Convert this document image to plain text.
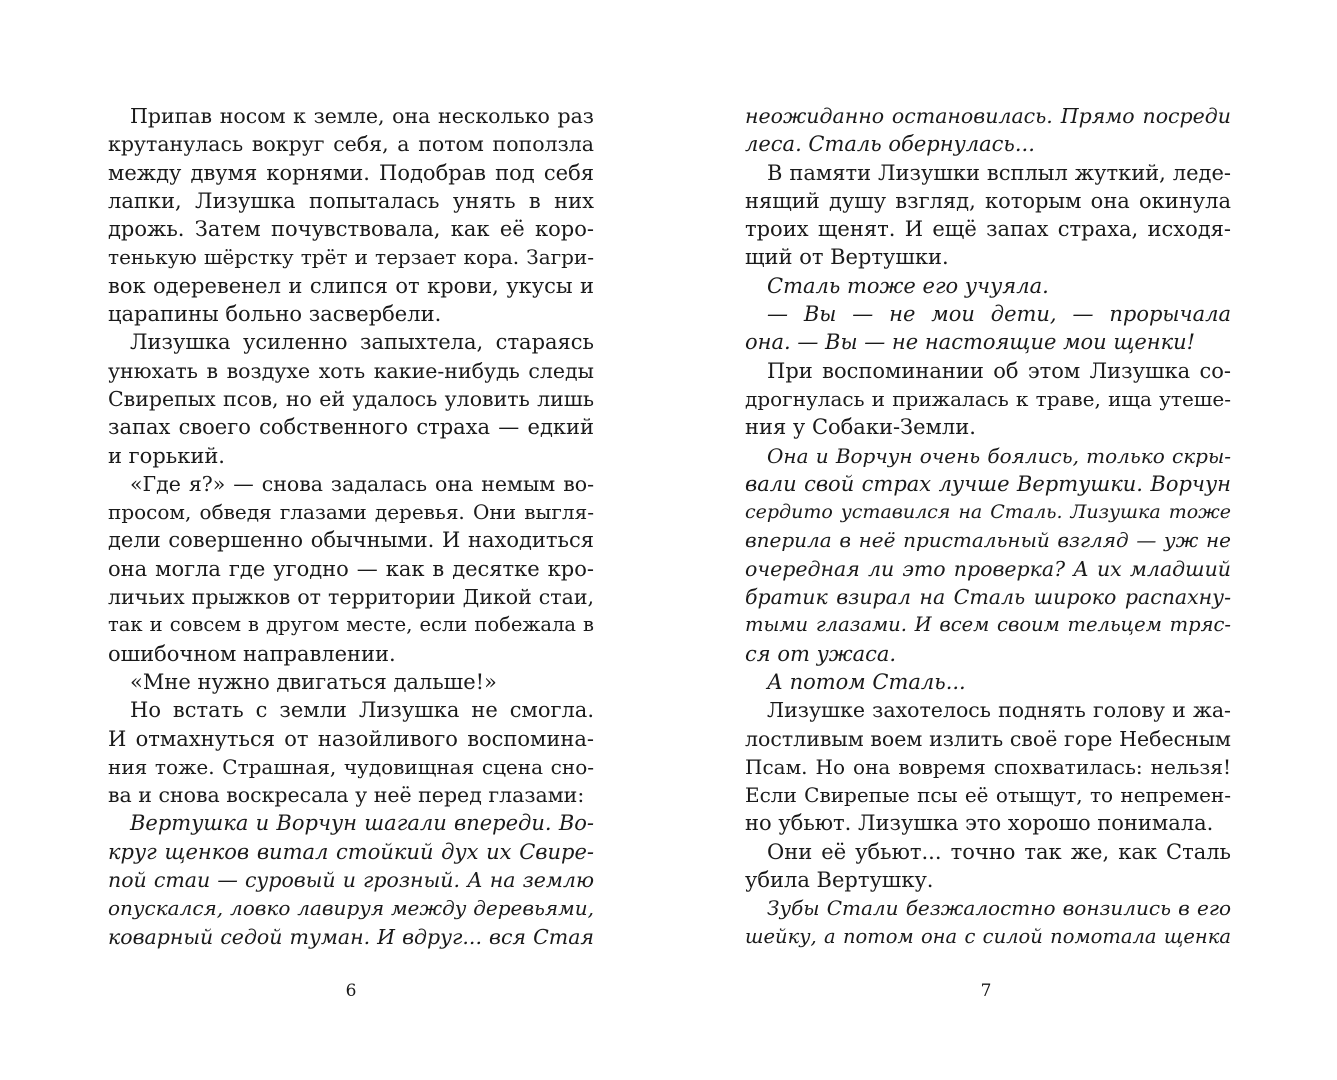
Припав носом к земле, она несколько раз
крутанулась вокруг себя, а потом поползла
между двумя корнями. Подобрав под себя
лапки, Лизушка попыталась унять в них
дрожь. Затем почувствовала, как её коро-
тенькую шёрстку трёт и терзает кора. Загри-
вок одеревенел и слипся от крови, укусы и
царапины больно засвербели.
Лизушка усиленно запыхтела, стараясь
унюхать в воздухе хоть какие-нибудь следы
Свирепых псов, но ей удалось уловить лишь
запах своего собственного страха — едкий
и горький.
«Где я?» — снова задалась она немым во-
просом, обведя глазами деревья. Они выгля-
дели совершенно обычными. И находиться
она могла где угодно — как в десятке кро-
личьих прыжков от территории Дикой стаи,
так и совсем в другом месте, если побежала в
ошибочном направлении.
«Мне нужно двигаться дальше!»
Но встать с земли Лизушка не смогла.
И отмахнуться от назойливого воспомина-
ния тоже. Страшная, чудовищная сцена сно-
ва и снова воскресала у неё перед глазами:
Вертушка и Ворчун шагали впереди. Во-
круг щенков витал стойкий дух их Свире-
пой стаи — суровый и грозный. А на землю
опускался, ловко лавируя между деревьями,
коварный седой туман. И вдруг... вся Стая
неожиданно остановилась. Прямо посреди
леса. Сталь обернулась...
В памяти Лизушки всплыл жуткий, леде-
нящий душу взгляд, которым она окинула
троих щенят. И ещё запах страха, исходя-
щий от Вертушки.
Сталь тоже его учуяла.
— Вы — не мои дети, — прорычала
она. — Вы — не настоящие мои щенки!
При воспоминании об этом Лизушка со-
дрогнулась и прижалась к траве, ища утеше-
ния у Собаки-Земли.
Она и Ворчун очень боялись, только скры-
вали свой страх лучше Вертушки. Ворчун
сердито уставился на Сталь. Лизушка тоже
вперила в неё пристальный взгляд — уж не
очередная ли это проверка? А их младший
братик взирал на Сталь широко распахну-
тыми глазами. И всем своим тельцем тряс-
ся от ужаса.
А потом Сталь...
Лизушке захотелось поднять голову и жа-
лостливым воем излить своё горе Небесным
Псам. Но она вовремя спохватилась: нельзя!
Если Свирепые псы её отыщут, то непремен-
но убьют. Лизушка это хорошо понимала.
Они её убьют... точно так же, как Сталь
убила Вертушку.
Зубы Стали безжалостно вонзились в его
шейку, а потом она с силой помотала щенка
6	7
